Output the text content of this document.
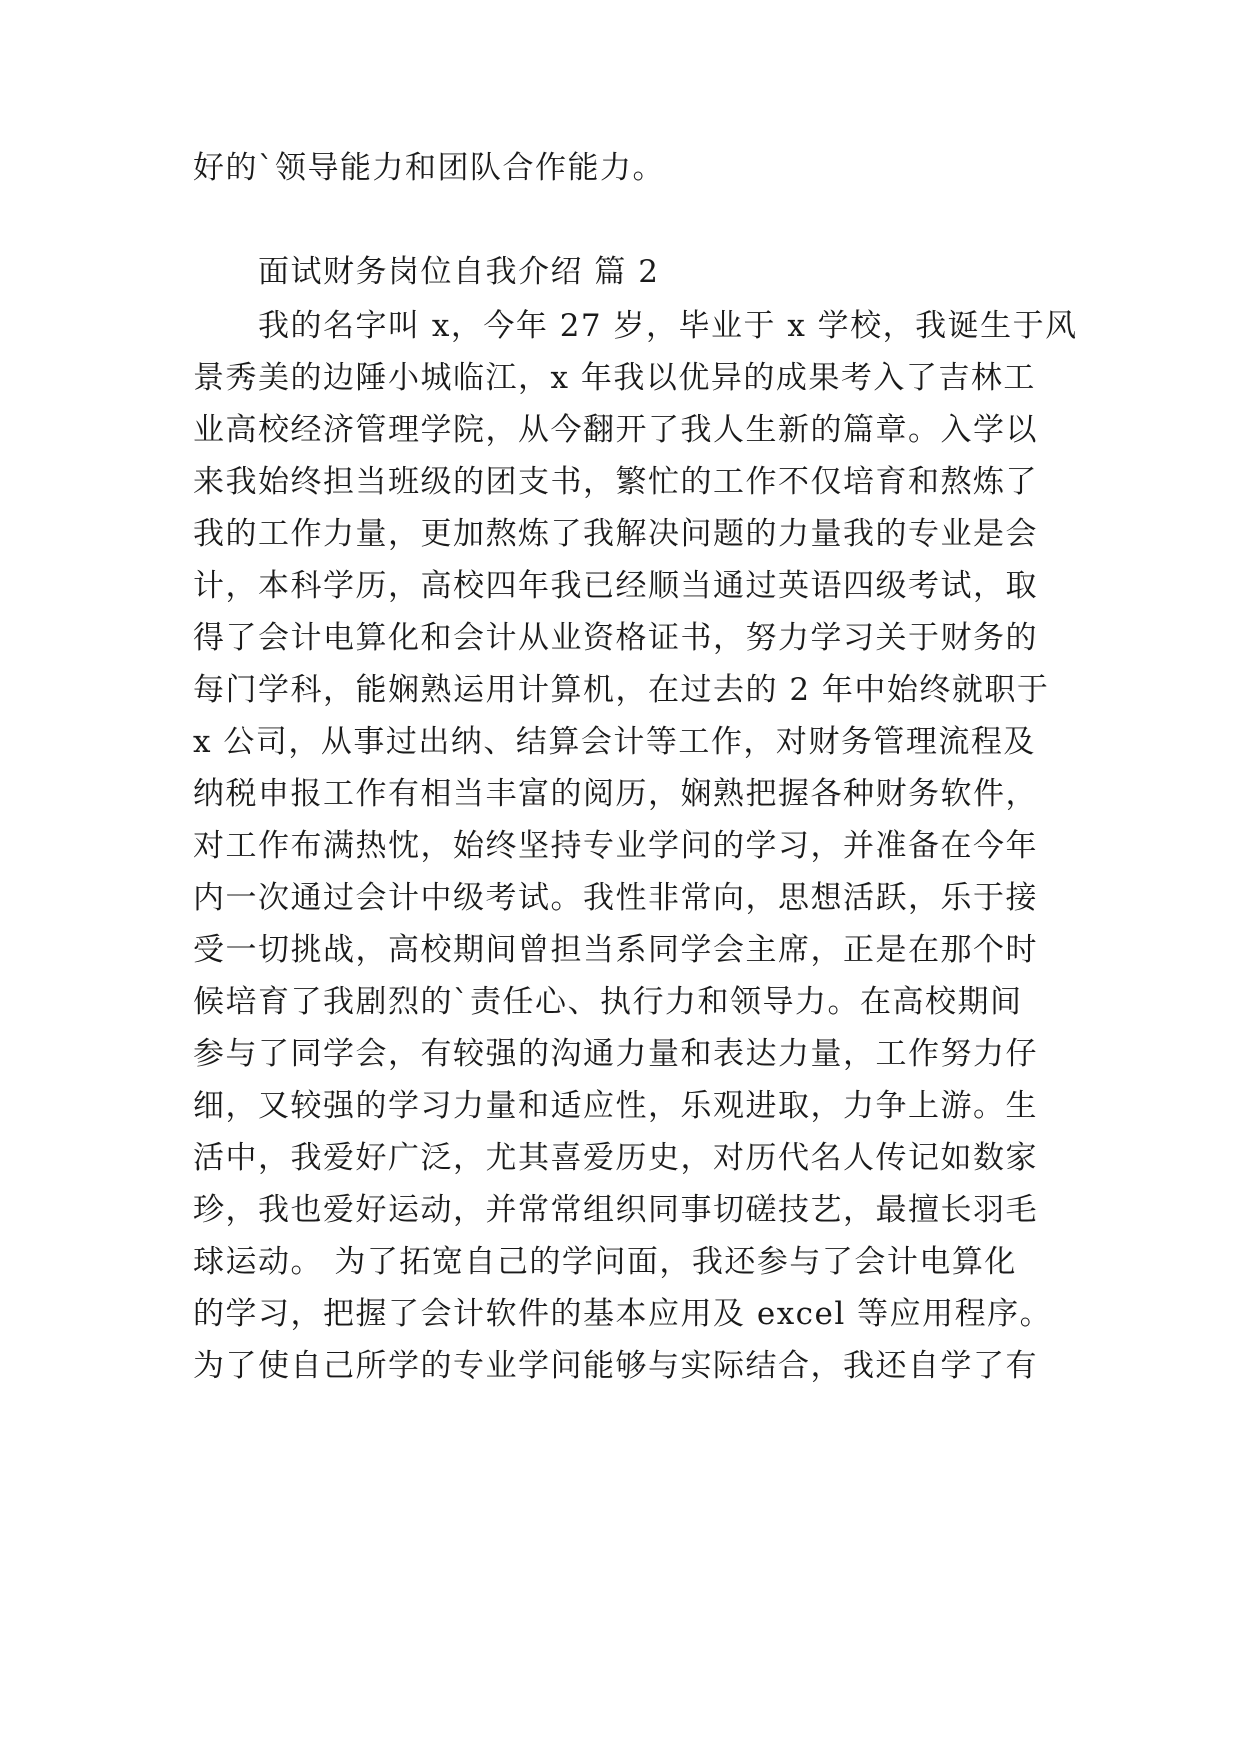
好的`领导能力和团队合作能力。
面试财务岗位自我介绍 篇 2
我的名字叫 x，今年 27 岁，毕业于 x 学校，我诞生于风
景秀美的边陲小城临江，x 年我以优异的成果考入了吉林工
业高校经济管理学院，从今翻开了我人生新的篇章。入学以
来我始终担当班级的团支书，繁忙的工作不仅培育和熬炼了
我的工作力量，更加熬炼了我解决问题的力量我的专业是会
计，本科学历，高校四年我已经顺当通过英语四级考试，取
得了会计电算化和会计从业资格证书，努力学习关于财务的
每门学科，能娴熟运用计算机，在过去的 2 年中始终就职于
x 公司，从事过出纳、结算会计等工作，对财务管理流程及
纳税申报工作有相当丰富的阅历，娴熟把握各种财务软件，
对工作布满热忱，始终坚持专业学问的学习，并准备在今年
内一次通过会计中级考试。我性非常向，思想活跃，乐于接
受一切挑战，高校期间曾担当系同学会主席，正是在那个时
候培育了我剧烈的`责任心、执行力和领导力。在高校期间
参与了同学会，有较强的沟通力量和表达力量，工作努力仔
细，又较强的学习力量和适应性，乐观进取，力争上游。生
活中，我爱好广泛，尤其喜爱历史，对历代名人传记如数家
珍，我也爱好运动，并常常组织同事切磋技艺，最擅长羽毛
球运动。 为了拓宽自己的学问面，我还参与了会计电算化
的学习，把握了会计软件的基本应用及 excel 等应用程序。
为了使自己所学的专业学问能够与实际结合，我还自学了有
